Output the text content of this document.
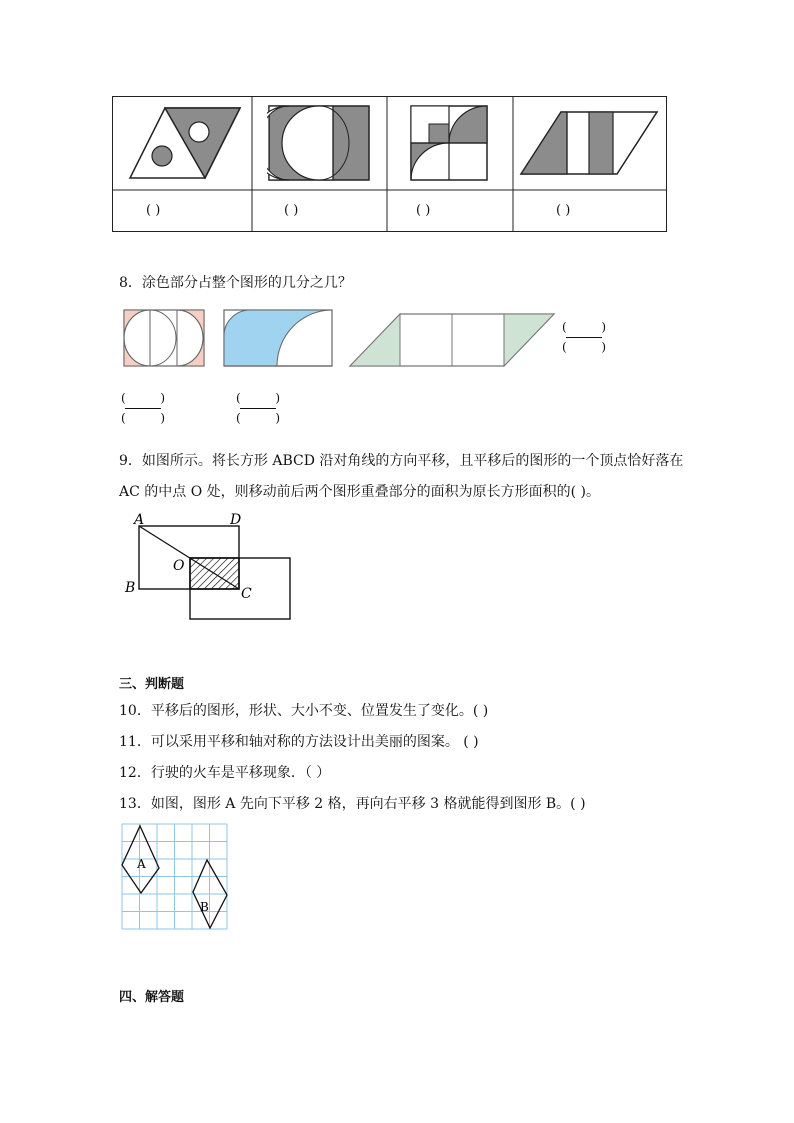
( )	( )	( )	( )
8．涂色部分占整个图形的几分之几？
(	)
(	)
(	)
(	)
(	)
(	)
9．如图所示。将长方形 ABCD 沿对角线的方向平移，且平移后的图形的一个顶点恰好落在
AC 的中点 O 处，则移动前后两个图形重叠部分的面积为原长方形面积的( )。
A	D
O
B	C
三、判断题
10．平移后的图形，形状、大小不变、位置发生了变化。( )
11．可以采用平移和轴对称的方法设计出美丽的图案。 ( )
12．行驶的火车是平移现象．（ ）
13．如图，图形 A 先向下平移 2 格，再向右平移 3 格就能得到图形 B。( )
A
B
四、解答题
